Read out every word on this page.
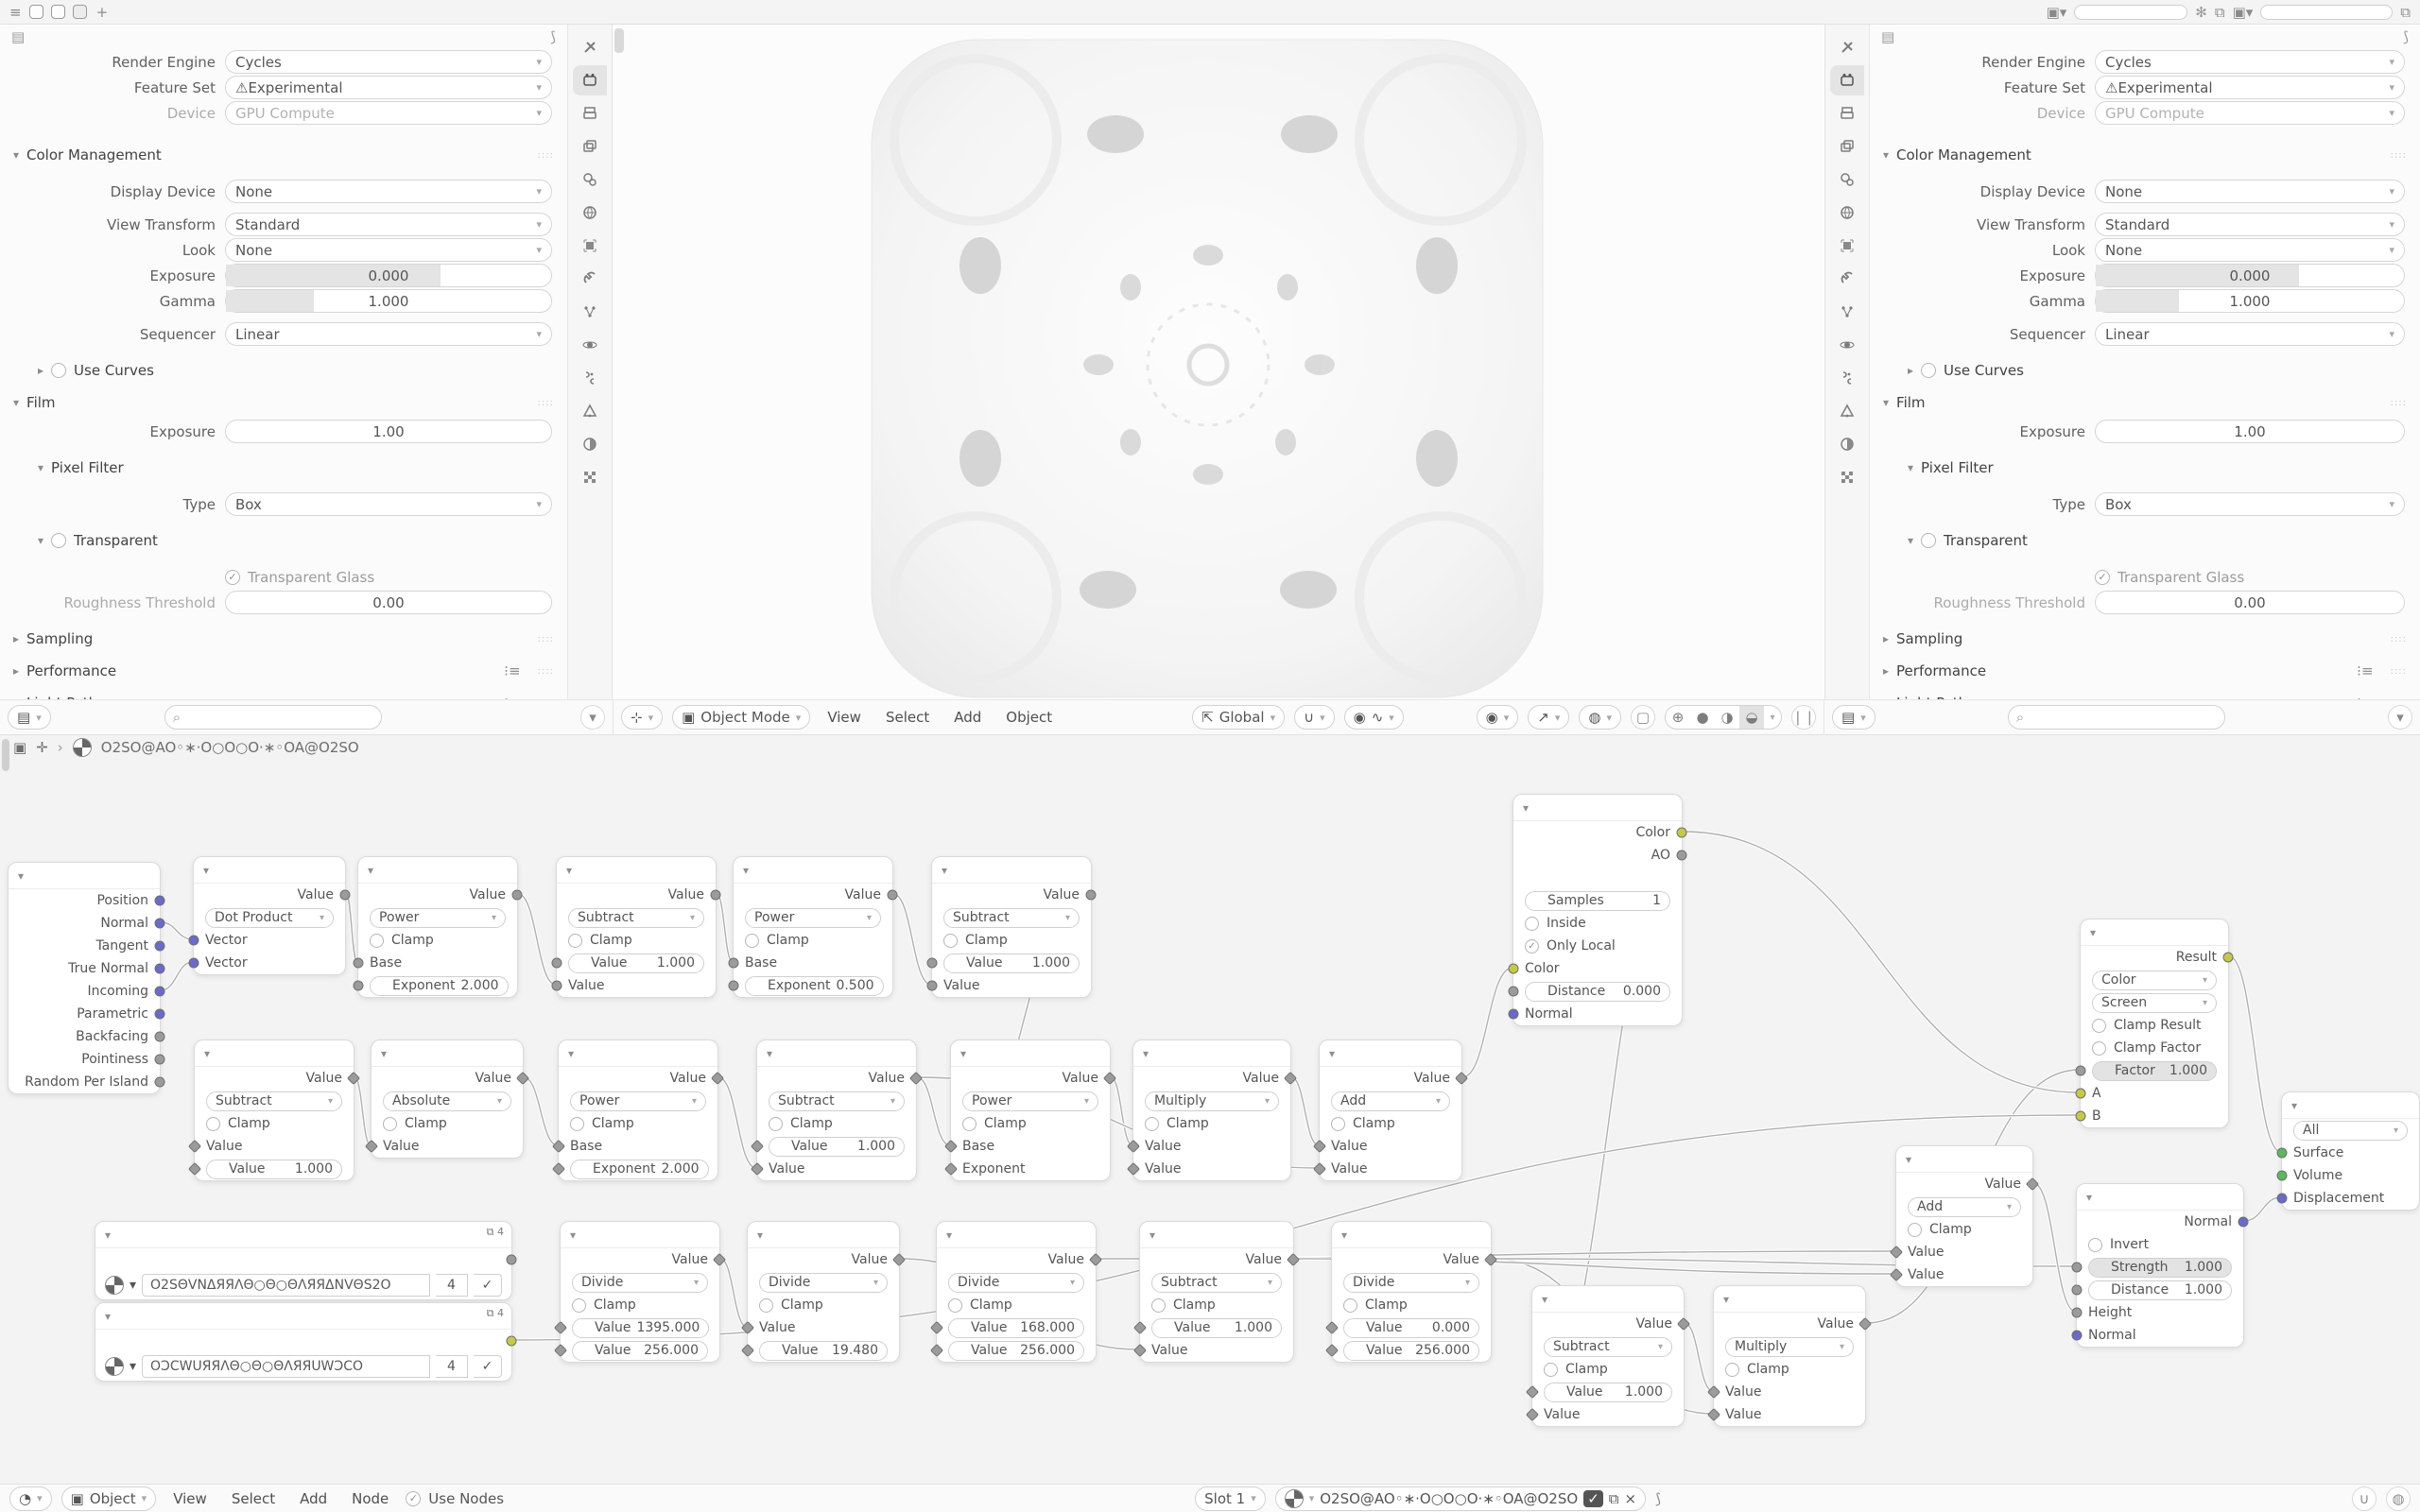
≡	+	▣▾	✻ ⧉ ▣▾	⧉
▤	⟆
Render Engine	Cycles	▾
Feature Set	⚠ Experimental	▾
Device	GPU Compute	▾
▾ Color Management	::::
Display Device	None	▾
View Transform	Standard	▾
Look	None	▾
Exposure	0.000
Gamma	1.000
Sequencer	Linear	▾
▸ Use Curves
▾ Film	::::
Exposure	1.00
▾ Pixel Filter
Type	Box	▾
▾ Transparent
✓ Transparent Glass
Roughness Threshold	0.00
▸ Sampling	::::
▸ Performance	⁝≡ ::::
▤	⟆
Render Engine	Cycles	▾
Feature Set	⚠ Experimental	▾
Device	GPU Compute	▾
▾ Color Management	::::
Display Device	None	▾
View Transform	Standard	▾
Look	None	▾
Exposure	0.000
Gamma	1.000
Sequencer	Linear	▾
▸ Use Curves
▾ Film	::::
Exposure	1.00
▾ Pixel Filter
Type	Box	▾
▾ Transparent
✓ Transparent Glass
Roughness Threshold	0.00
▸ Sampling	::::
▸ Performance	⁝≡ ::::
▤ ▾	⌕	▾	⊹ ▾ ▣ Object Mode ▾	View	Select	Add	Object	⇱ Global ▾ ∪ ▾ ◉ ∿ ▾	◉ ▾ ↗ ▾ ◍ ▾	▢	⊕ ● ◑ ◒	▾	❘❘ ▤ ▾	⌕	▾
▣ ✛ ›	O2SO@AO◦∗·O○O○O·∗◦OA@O2SO
▾
Position
Normal
Tangent
True Normal
Incoming
Parametric
Backfacing
Pointiness
Random Per Island
▾
Value
Dot Product	▾
Vector
Vector
▾
Value
Power	▾
Clamp
Base
Exponent 2.000
▾
Value
Subtract	▾
Clamp
Value	1.000
Value
▾
Value
Power	▾
Clamp
Base
Exponent 0.500
▾
Value
Subtract	▾
Clamp
Value	1.000
Value
▾
Value
Subtract	▾
Clamp
Value
Value	1.000
▾
Value
Absolute	▾
Clamp
Value
▾
Value
Power	▾
Clamp
Base
Exponent 2.000
▾
Value
Subtract	▾
Clamp
Value	1.000
Value
▾
Value
Power	▾
Clamp
Base
Exponent
▾
Value
Multiply	▾
Clamp
Value
Value
▾
Value
Add	▾
Clamp
Value
Value
▾
Color
AO
Samples	1
Inside
✓ Only Local
Color
Distance	0.000
Normal
▾
Value
Add	▾
Clamp
Value
Value
▾
Result
Color	▾
Screen	▾
Clamp Result
Clamp Factor
Factor	1.000
A
B
▾
All	▾
Surface
Volume
Displacement
▾
Normal
Invert
Strength	1.000
Distance	1.000
Height
Normal
▾	⧉ 4
▾	O2SΘVNΔЯЯΛΘ○Θ○ΘΛЯЯΔNVΘS2O	4	✓
▾	⧉ 4
▾	OƆCWUЯЯΛΘ○Θ○ΘΛЯЯUWƆCO	4	✓
▾
Value
Divide	▾
Clamp
Value 1395.000
Value 256.000
▾
Value
Divide	▾
Clamp
Value
Value	19.480
▾
Value
Divide	▾
Clamp
Value 168.000
Value 256.000
▾
Value
Subtract	▾
Clamp
Value	1.000
Value
▾
Value
Divide	▾
Clamp
Value	0.000
Value 256.000
▾
Value
Subtract	▾
Clamp
Value	1.000
Value
▾
Value
Multiply	▾
Clamp
Value
Value
◔ ▾ ▣ Object ▾	View	Select	Add	Node	✓ Use Nodes	Slot 1 ▾	▾ O2SO@AO◦∗·O○O○O·∗◦OA@O2SO ✓ ⧉ × ⟆	∪	◍
